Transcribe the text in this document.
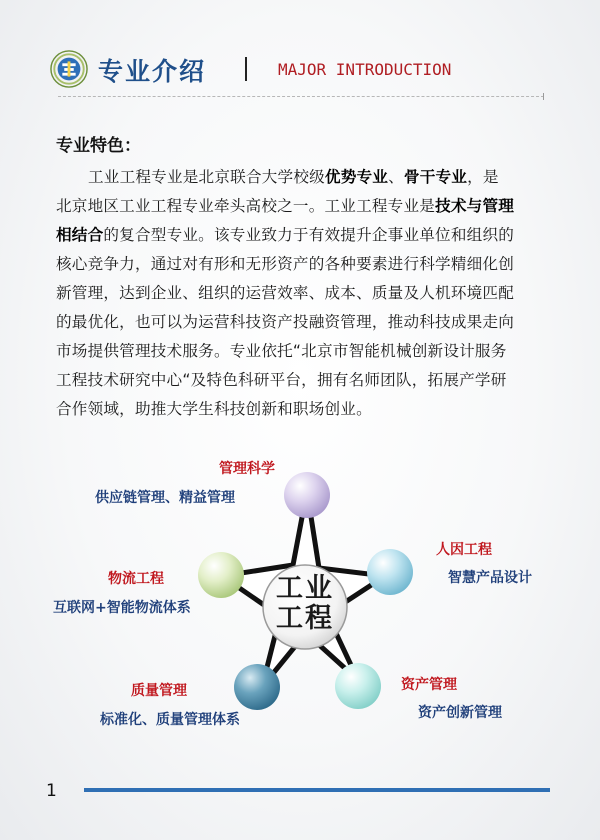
专业介绍	MAJOR INTRODUCTION
专业特色：
工业工程专业是北京联合大学校级优势专业、骨干专业，是
北京地区工业工程专业牵头高校之一。工业工程专业是技术与管理
相结合的复合型专业。该专业致力于有效提升企事业单位和组织的
核心竞争力，通过对有形和无形资产的各种要素进行科学精细化创
新管理，达到企业、组织的运营效率、成本、质量及人机环境匹配
的最优化，也可以为运营科技资产投融资管理，推动科技成果走向
市场提供管理技术服务。专业依托“北京市智能机械创新设计服务
工程技术研究中心“及特色科研平台，拥有名师团队，拓展产学研
合作领域，助推大学生科技创新和职场创业。
工业
工程
管理科学
供应链管理、精益管理
人因工程
智慧产品设计
资产管理
资产创新管理
质量管理
标准化、质量管理体系
物流工程
互联网+智能物流体系
1
